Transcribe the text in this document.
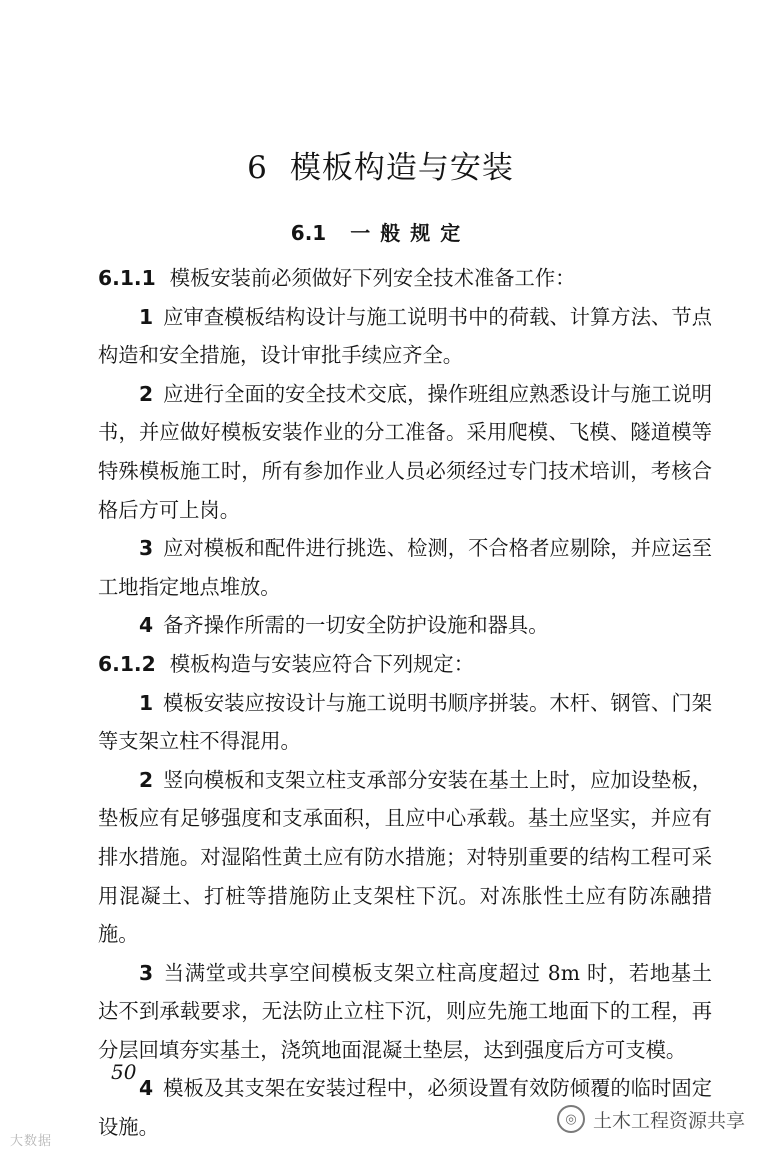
6 模板构造与安装
6.1 一般规定

6.1.1 模板安装前必须做好下列安全技术准备工作：

1 应审查模板结构设计与施工说明书中的荷载、计算方法、节点构造和安全措施，设计审批手续应齐全。

2 应进行全面的安全技术交底，操作班组应熟悉设计与施工说明书，并应做好模板安装作业的分工准备。采用爬模、飞模、隧道模等特殊模板施工时，所有参加作业人员必须经过专门技术培训，考核合格后方可上岗。

3 应对模板和配件进行挑选、检测，不合格者应剔除，并应运至工地指定地点堆放。

4 备齐操作所需的一切安全防护设施和器具。

6.1.2 模板构造与安装应符合下列规定：

1 模板安装应按设计与施工说明书顺序拼装。木杆、钢管、门架等支架立柱不得混用。

2 竖向模板和支架立柱支承部分安装在基土上时，应加设垫板，垫板应有足够强度和支承面积，且应中心承载。基土应坚实，并应有排水措施。对湿陷性黄土应有防水措施；对特别重要的结构工程可采用混凝土、打桩等措施防止支架柱下沉。对冻胀性土应有防冻融措施。

3 当满堂或共享空间模板支架立柱高度超过 8m 时，若地基土达不到承载要求，无法防止立柱下沉，则应先施工地面下的工程，再分层回填夯实基土，浇筑地面混凝土垫层，达到强度后方可支模。

4 模板及其支架在安装过程中，必须设置有效防倾覆的临时固定设施。

50
◎ 土木工程资源共享
大数据
